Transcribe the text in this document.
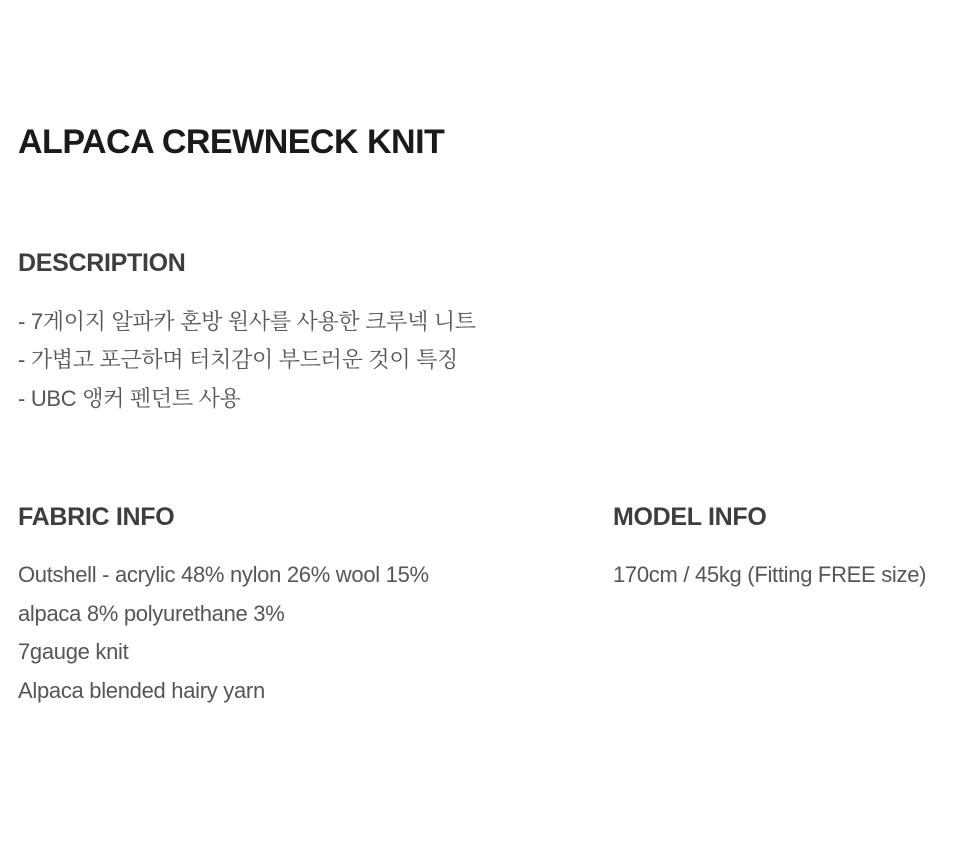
ALPACA CREWNECK KNIT
DESCRIPTION
- 7게이지 알파카 혼방 원사를 사용한 크루넥 니트
- 가볍고 포근하며 터치감이 부드러운 것이 특징
- UBC 앵커 펜던트 사용
FABRIC INFO

Outshell - acrylic 48% nylon 26% wool 15%

alpaca 8% polyurethane 3%

7gauge knit

Alpaca blended hairy yarn

MODEL INFO

170cm / 45kg (Fitting FREE size)
